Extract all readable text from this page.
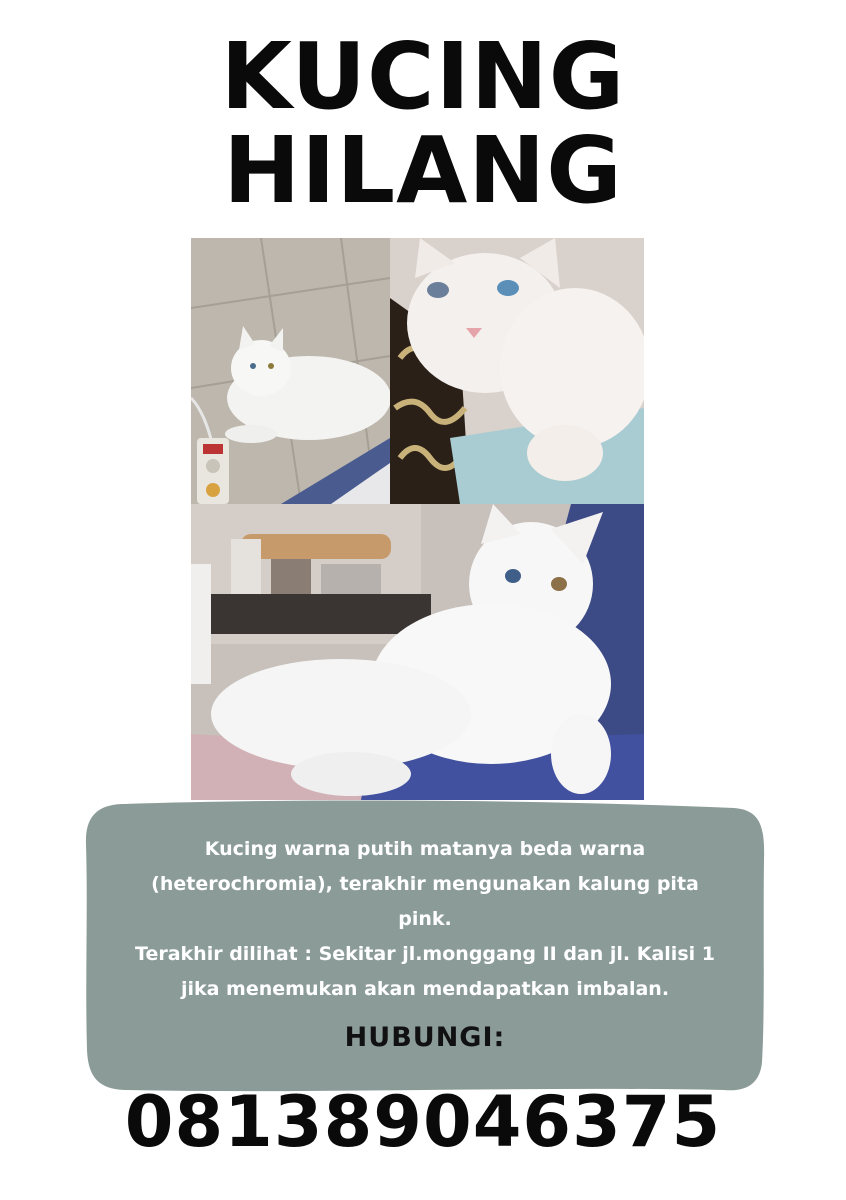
KUCING
HILANG
Kucing warna putih matanya beda warna
(heterochromia), terakhir mengunakan kalung pita
pink.
Terakhir dilihat : Sekitar jl.monggang II dan jl. Kalisi 1
jika menemukan akan mendapatkan imbalan.
HUBUNGI:
081389046375
